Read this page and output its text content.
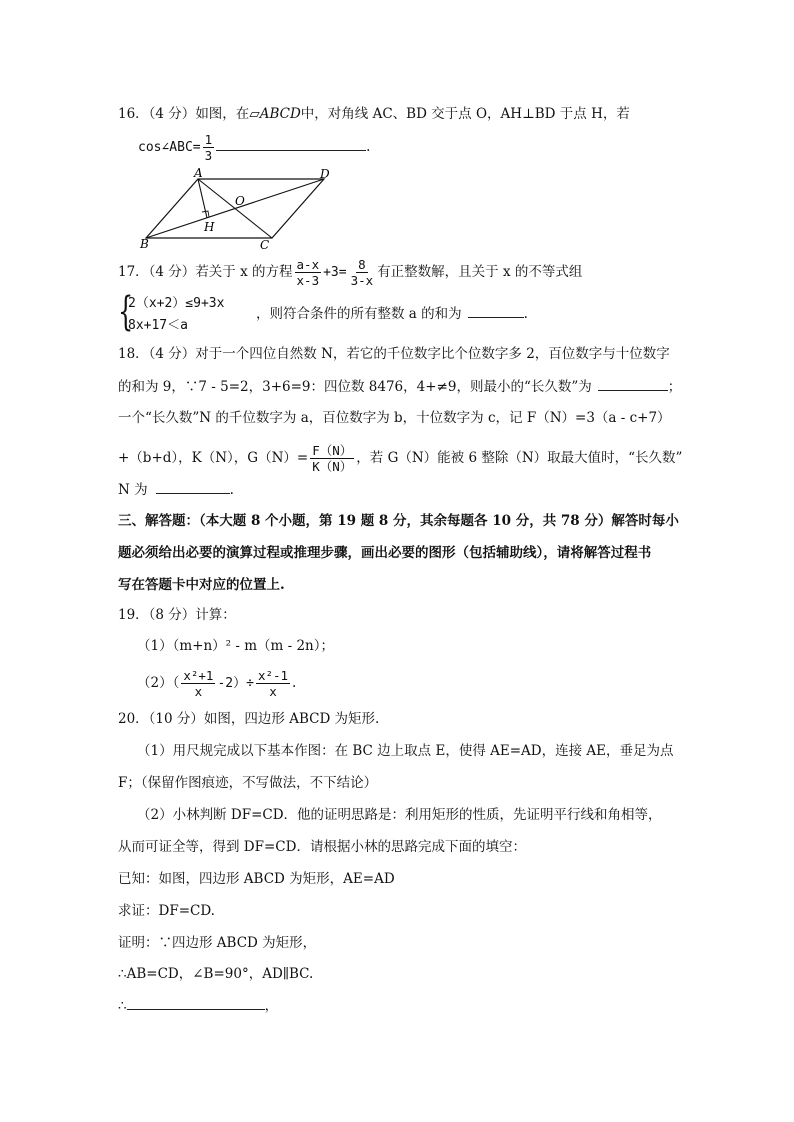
16．（4 分）如图，在▱ABCD中，对角线 AC、BD 交于点 O，AH⊥BD 于点 H，若
cos∠ABC= $\frac{1}{3}$	.
A	D
B	C
O
H
17．（4 分）若关于 x 的方程 $\frac{a-x}{x-3} +3= \frac{8}{3-x}$ 有正整数解，且关于 x 的不等式组
{
2（x+2）≤9+3x
8x+17＜a
，则符合条件的所有整数 a 的和为	.
18．（4 分）对于一个四位自然数 N，若它的千位数字比个位数字多 2，百位数字与十位数字
的和为 9，∵7 - 5=2，3+6=9：四位数 8476，4+≠9，则最小的“长久数”为	；
一个“长久数”N 的千位数字为 a，百位数字为 b，十位数字为 c，记 F（N）=3（a - c+7）
+（b+d），K（N），$G(N)= \frac{F(N)}{K(N)}$ ，若 G（N）能被 6 整除（N）取最大值时，“长久数”
N 为	.
三、解答题：（本大题 8 个小题，第 19 题 8 分，其余每题各 10 分，共 78 分）解答时每小
题必须给出必要的演算过程或推理步骤，画出必要的图形（包括辅助线），请将解答过程书
写在答题卡中对应的位置上.
19．（8 分）计算：
（1）（m+n）² - m（m - 2n）；
$(2)( \frac{\text{x²+1}}{x} -2)\div \frac{\text{x²-1}}{x}$ .
20．（10 分）如图，四边形 ABCD 为矩形.
（1）用尺规完成以下基本作图：在 BC 边上取点 E，使得 AE=AD，连接 AE，垂足为点
F；（保留作图痕迹，不写做法，不下结论）
（2）小林判断 DF=CD．他的证明思路是：利用矩形的性质，先证明平行线和角相等，
从而可证全等，得到 DF=CD．请根据小林的思路完成下面的填空：
已知：如图，四边形 ABCD 为矩形，AE=AD
求证：DF=CD.
证明：∵四边形 ABCD 为矩形，
∴AB=CD，∠B=90°，AD∥BC.
∴	，
